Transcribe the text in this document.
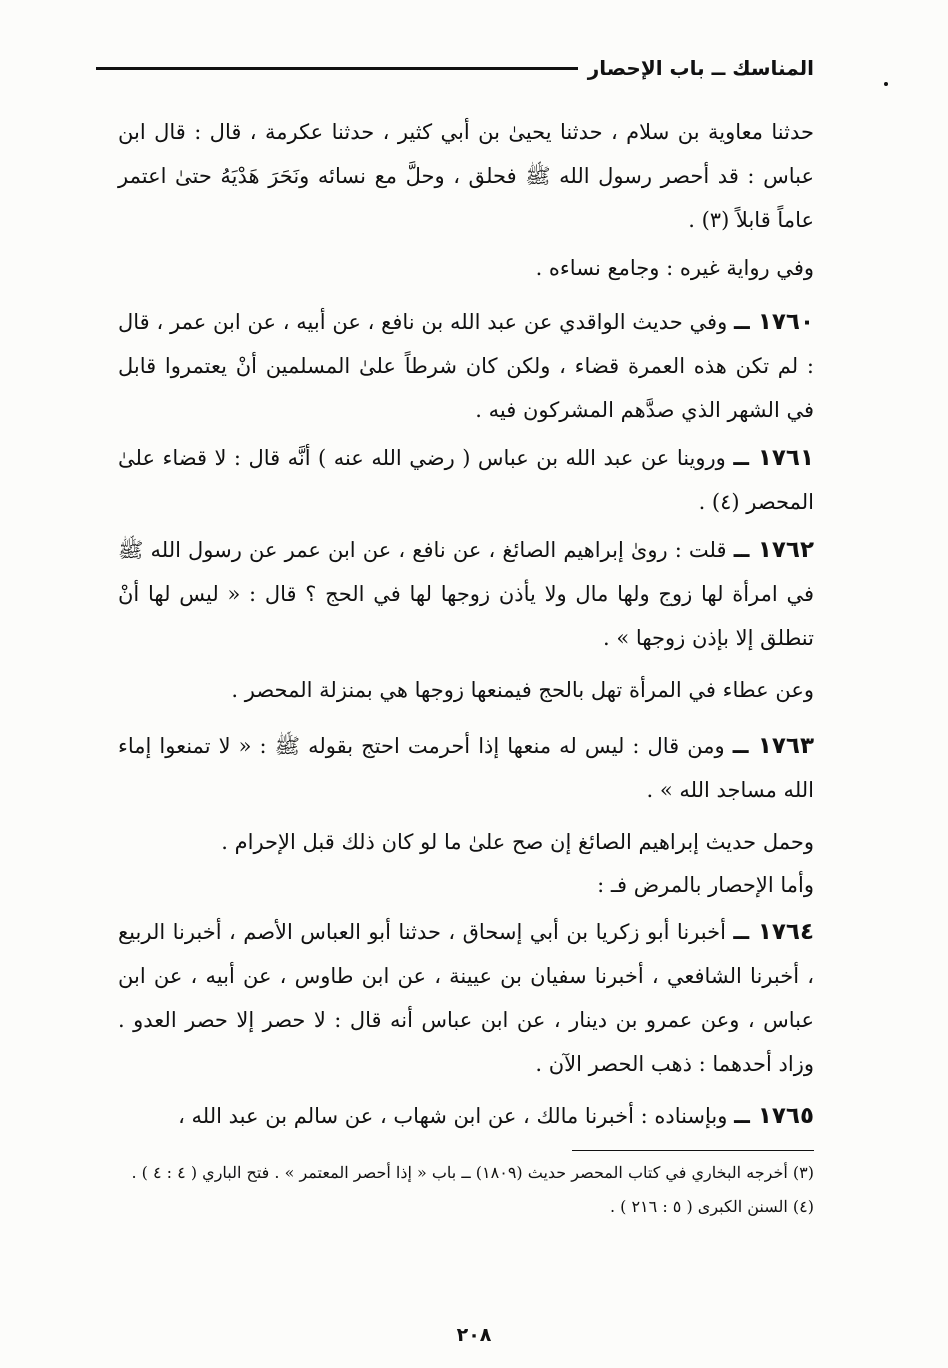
المناسك ــ باب الإحصار
حدثنا معاوية بن سلام ، حدثنا يحيىٰ بن أبي كثير ، حدثنا عكرمة ، قال : قال ابن عباس : قد أحصر رسول الله ﷺ فحلق ، وحلَّ مع نسائه ونَحَرَ هَدْيَهُ حتىٰ اعتمر عاماً قابلاً (٣) .
وفي رواية غيره : وجامع نساءه .
١٧٦٠ ــ وفي حديث الواقدي عن عبد الله بن نافع ، عن أبيه ، عن ابن عمر ، قال : لم تكن هذه العمرة قضاء ، ولكن كان شرطاً علىٰ المسلمين أنْ يعتمروا قابل في الشهر الذي صدَّهم المشركون فيه .
١٧٦١ ــ وروينا عن عبد الله بن عباس ( رضي الله عنه ) أنَّه قال : لا قضاء علىٰ المحصر (٤) .
١٧٦٢ ــ قلت : روىٰ إبراهيم الصائغ ، عن نافع ، عن ابن عمر عن رسول الله ﷺ في امرأة لها زوج ولها مال ولا يأذن زوجها لها في الحج ؟ قال : « ليس لها أنْ تنطلق إلا بإذن زوجها » .
وعن عطاء في المرأة تهل بالحج فيمنعها زوجها هي بمنزلة المحصر .
١٧٦٣ ــ ومن قال : ليس له منعها إذا أحرمت احتج بقوله ﷺ : « لا تمنعوا إماء الله مساجد الله » .
وحمل حديث إبراهيم الصائغ إن صح علىٰ ما لو كان ذلك قبل الإحرام .
وأما الإحصار بالمرض فـ :
١٧٦٤ ــ أخبرنا أبو زكريا بن أبي إسحاق ، حدثنا أبو العباس الأصم ، أخبرنا الربيع ، أخبرنا الشافعي ، أخبرنا سفيان بن عيينة ، عن ابن طاوس ، عن أبيه ، عن ابن عباس ، وعن عمرو بن دينار ، عن ابن عباس أنه قال : لا حصر إلا حصر العدو . وزاد أحدهما : ذهب الحصر الآن .
١٧٦٥ ــ وبإسناده : أخبرنا مالك ، عن ابن شهاب ، عن سالم بن عبد الله ،
(٣) أخرجه البخاري في كتاب المحصر حديث (١٨٠٩) ــ باب « إذا أحصر المعتمر » . فتح الباري ( ٤ : ٤ ) .
(٤) السنن الكبرى ( ٥ : ٢١٦ ) .
٢٠٨
